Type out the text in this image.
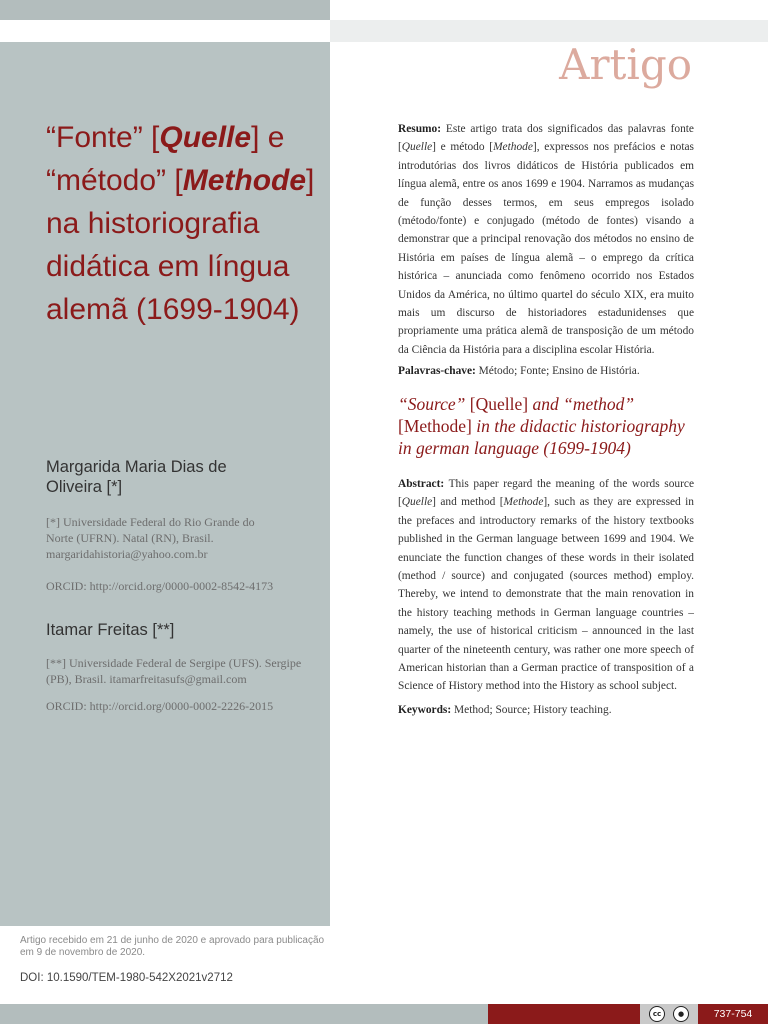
“Fonte” [Quelle] e “método” [Methode] na historiografia didática em língua alemã (1699-1904)
Margarida Maria Dias de Oliveira [*]
[*] Universidade Federal do Rio Grande do Norte (UFRN). Natal (RN), Brasil. margaridahistoria@yahoo.com.br
ORCID: http://orcid.org/0000-0002-8542-4173
Itamar Freitas [**]
[**] Universidade Federal de Sergipe (UFS). Sergipe (PB), Brasil. itamarfreitasufs@gmail.com
ORCID: http://orcid.org/0000-0002-2226-2015
Artigo recebido em 21 de junho de 2020 e aprovado para publicação em 9 de novembro de 2020.
DOI: 10.1590/TEM-1980-542X2021v2712
cc	●	737-754
Artigo

Resumo: Este artigo trata dos significados das palavras fonte [Quelle] e método [Methode], expressos nos prefácios e notas introdutórias dos livros didáticos de História publicados em língua alemã, entre os anos 1699 e 1904. Narramos as mudanças de função desses termos, em seus empregos isolado (método/fonte) e conjugado (método de fontes) visando a demonstrar que a principal renovação dos métodos no ensino de História em países de língua alemã – o emprego da crítica histórica – anunciada como fenômeno ocorrido nos Estados Unidos da América, no último quartel do século XIX, era muito mais um discurso de historiadores estadunidenses que propriamente uma prática alemã de transposição de um método da Ciência da História para a disciplina escolar História.

Palavras-chave: Método; Fonte; Ensino de História.

“Source” [Quelle] and “method” [Methode] in the didactic historiography in german language (1699-1904)

Abstract: This paper regard the meaning of the words source [Quelle] and method [Methode], such as they are expressed in the prefaces and introductory remarks of the history textbooks published in the German language between 1699 and 1904. We enunciate the function changes of these words in their isolated (method / source) and conjugated (sources method) employ. Thereby, we intend to demonstrate that the main renovation in the history teaching methods in German language countries – namely, the use of historical criticism – announced in the last quarter of the nineteenth century, was rather one more speech of American historian than a German practice of transposition of a Science of History method into the History as school subject.

Keywords: Method; Source; History teaching.
